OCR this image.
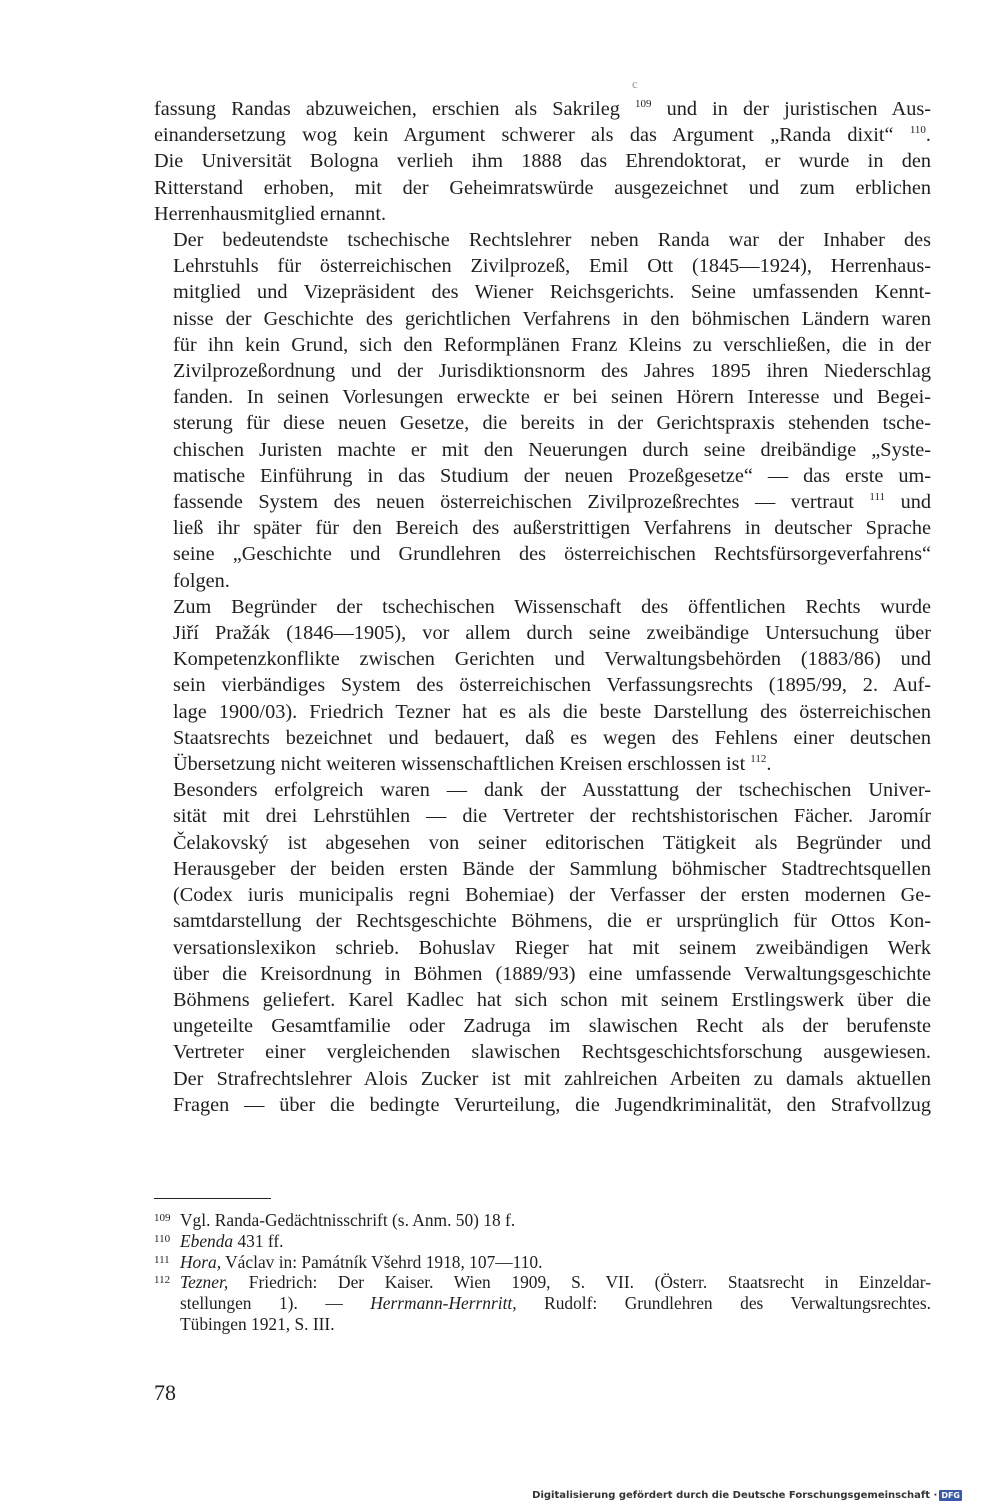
c

fassung Randas abzuweichen, erschien als Sakrileg $^{109}$ und in der juristischen Aus-
einandersetzung wog kein Argument schwerer als das Argument „Randa dixit“ $^{110}$.
Die Universität Bologna verlieh ihm 1888 das Ehrendoktorat, er wurde in den
Ritterstand erhoben, mit der Geheimratswürde ausgezeichnet und zum erblichen
Herrenhausmitglied ernannt.

Der bedeutendste tschechische Rechtslehrer neben Randa war der Inhaber des
Lehrstuhls für österreichischen Zivilprozeß, Emil Ott (1845—1924), Herrenhaus-
mitglied und Vizepräsident des Wiener Reichsgerichts. Seine umfassenden Kennt-
nisse der Geschichte des gerichtlichen Verfahrens in den böhmischen Ländern waren
für ihn kein Grund, sich den Reformplänen Franz Kleins zu verschließen, die in der
Zivilprozeßordnung und der Jurisdiktionsnorm des Jahres 1895 ihren Niederschlag
fanden. In seinen Vorlesungen erweckte er bei seinen Hörern Interesse und Begei-
sterung für diese neuen Gesetze, die bereits in der Gerichtspraxis stehenden tsche-
chischen Juristen machte er mit den Neuerungen durch seine dreibändige „Syste-
matische Einführung in das Studium der neuen Prozeßgesetze“ — das erste um-
fassende System des neuen österreichischen Zivilprozeßrechtes — vertraut $^{111}$ und
ließ ihr später für den Bereich des außerstrittigen Verfahrens in deutscher Sprache
seine „Geschichte und Grundlehren des österreichischen Rechtsfürsorgeverfahrens“
folgen.

Zum Begründer der tschechischen Wissenschaft des öffentlichen Rechts wurde
Jiří Pražák (1846—1905), vor allem durch seine zweibändige Untersuchung über
Kompetenzkonflikte zwischen Gerichten und Verwaltungsbehörden (1883/86) und
sein vierbändiges System des österreichischen Verfassungsrechts (1895/99, 2. Auf-
lage 1900/03). Friedrich Tezner hat es als die beste Darstellung des österreichischen
Staatsrechts bezeichnet und bedauert, daß es wegen des Fehlens einer deutschen
Übersetzung nicht weiteren wissenschaftlichen Kreisen erschlossen ist $^{112}$.

Besonders erfolgreich waren — dank der Ausstattung der tschechischen Univer-
sität mit drei Lehrstühlen — die Vertreter der rechtshistorischen Fächer. Jaromír
Čelakovský ist abgesehen von seiner editorischen Tätigkeit als Begründer und
Herausgeber der beiden ersten Bände der Sammlung böhmischer Stadtrechtsquellen
(Codex iuris municipalis regni Bohemiae) der Verfasser der ersten modernen Ge-
samtdarstellung der Rechtsgeschichte Böhmens, die er ursprünglich für Ottos Kon-
versationslexikon schrieb. Bohuslav Rieger hat mit seinem zweibändigen Werk
über die Kreisordnung in Böhmen (1889/93) eine umfassende Verwaltungsgeschichte
Böhmens geliefert. Karel Kadlec hat sich schon mit seinem Erstlingswerk über die
ungeteilte Gesamtfamilie oder Zadruga im slawischen Recht als der berufenste
Vertreter einer vergleichenden slawischen Rechtsgeschichtsforschung ausgewiesen.
Der Strafrechtslehrer Alois Zucker ist mit zahlreichen Arbeiten zu damals aktuellen
Fragen — über die bedingte Verurteilung, die Jugendkriminalität, den Strafvollzug

109 Vgl. Randa-Gedächtnisschrift (s. Anm. 50) 18 f.
110 Ebenda 431 ff.
111 Hora, Václav in: Památník Všehrd 1918, 107—110.
112 Tezner, Friedrich: Der Kaiser. Wien 1909, S. VII. (Österr. Staatsrecht in Einzeldar-
stellungen 1). — Herrmann-Herrnritt, Rudolf: Grundlehren des Verwaltungsrechtes.
Tübingen 1921, S. III.
78
Digitalisierung gefördert durch die Deutsche Forschungsgemeinschaft · DFG
